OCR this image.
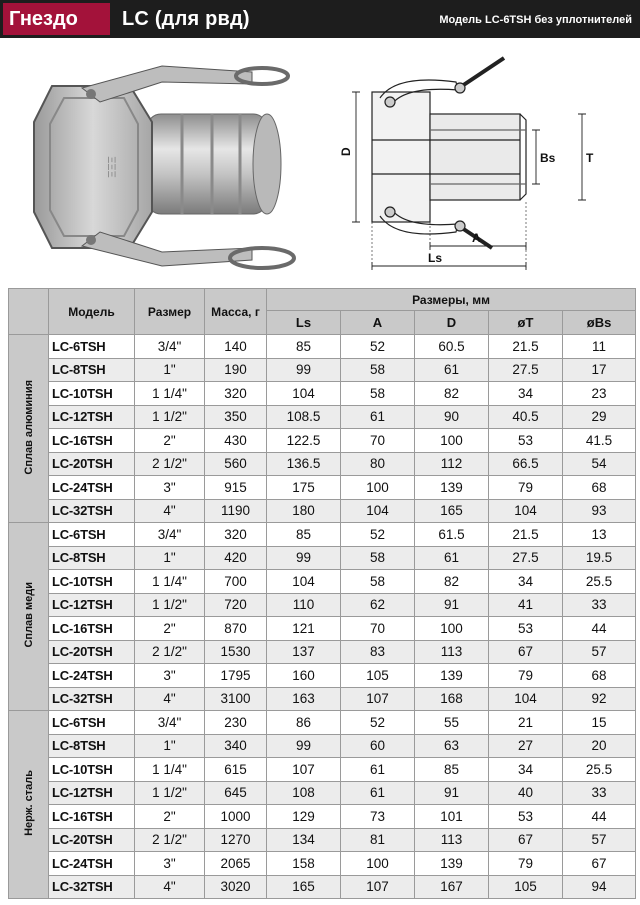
Гнездо	LC (для рвд)	Модель LC-6TSH без уплотнителей
ΞΞΞ
D	Bs	T
A
Ls
	Модель	Размер	Масса, г	Размеры, мм				
				Ls	A	D	øT	øBs
Сплав алюминия	LC-6TSH	3/4"	140	85	52	60.5	21.5	11
	LC-8TSH	1"	190	99	58	61	27.5	17
	LC-10TSH	1 1/4"	320	104	58	82	34	23
	LC-12TSH	1 1/2"	350	108.5	61	90	40.5	29
	LC-16TSH	2"	430	122.5	70	100	53	41.5
	LC-20TSH	2 1/2"	560	136.5	80	112	66.5	54
	LC-24TSH	3"	915	175	100	139	79	68
	LC-32TSH	4"	1190	180	104	165	104	93
Сплав меди	LC-6TSH	3/4"	320	85	52	61.5	21.5	13
	LC-8TSH	1"	420	99	58	61	27.5	19.5
	LC-10TSH	1 1/4"	700	104	58	82	34	25.5
	LC-12TSH	1 1/2"	720	110	62	91	41	33
	LC-16TSH	2"	870	121	70	100	53	44
	LC-20TSH	2 1/2"	1530	137	83	113	67	57
	LC-24TSH	3"	1795	160	105	139	79	68
	LC-32TSH	4"	3100	163	107	168	104	92
Нерж. сталь	LC-6TSH	3/4"	230	86	52	55	21	15
	LC-8TSH	1"	340	99	60	63	27	20
	LC-10TSH	1 1/4"	615	107	61	85	34	25.5
	LC-12TSH	1 1/2"	645	108	61	91	40	33
	LC-16TSH	2"	1000	129	73	101	53	44
	LC-20TSH	2 1/2"	1270	134	81	113	67	57
	LC-24TSH	3"	2065	158	100	139	79	67
	LC-32TSH	4"	3020	165	107	167	105	94
